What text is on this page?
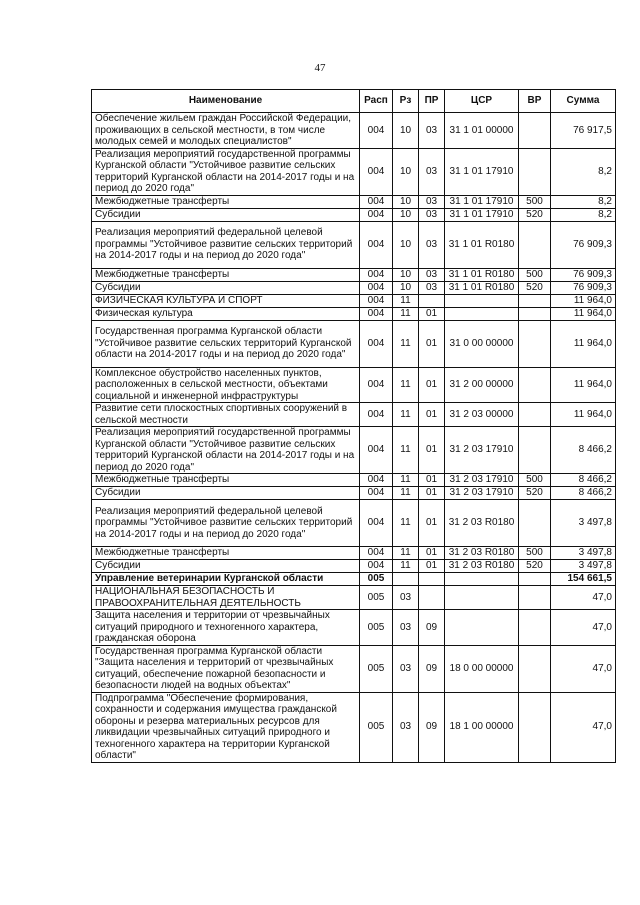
47
Наименование	Расп	Рз	ПР	ЦСР	ВР	Сумма
Обеспечение жильем граждан Российской Федерации, проживающих в сельской местности, в том числе молодых семей и молодых специалистов"	004	10	03	31 1 01 00000		76 917,5
Реализация мероприятий государственной программы Курганской области "Устойчивое развитие сельских территорий Курганской области на 2014-2017 годы и на период до 2020 года"	004	10	03	31 1 01 17910		8,2
Межбюджетные трансферты	004	10	03	31 1 01 17910	500	8,2
Субсидии	004	10	03	31 1 01 17910	520	8,2
Реализация мероприятий федеральной целевой программы "Устойчивое развитие сельских территорий на 2014-2017 годы и на период до 2020 года"	004	10	03	31 1 01 R0180		76 909,3
Межбюджетные трансферты	004	10	03	31 1 01 R0180	500	76 909,3
Субсидии	004	10	03	31 1 01 R0180	520	76 909,3
ФИЗИЧЕСКАЯ КУЛЬТУРА И СПОРТ	004	11				11 964,0
Физическая культура	004	11	01			11 964,0
Государственная программа Курганской области "Устойчивое развитие сельских территорий Курганской области на 2014-2017 годы и на период до 2020 года"	004	11	01	31 0 00 00000		11 964,0
Комплексное обустройство населенных пунктов, расположенных в сельской местности, объектами социальной и инженерной инфраструктуры	004	11	01	31 2 00 00000		11 964,0
Развитие сети плоскостных спортивных сооружений в сельской местности	004	11	01	31 2 03 00000		11 964,0
Реализация мероприятий государственной программы Курганской области "Устойчивое развитие сельских территорий Курганской области на 2014-2017 годы и на период до 2020 года"	004	11	01	31 2 03 17910		8 466,2
Межбюджетные трансферты	004	11	01	31 2 03 17910	500	8 466,2
Субсидии	004	11	01	31 2 03 17910	520	8 466,2
Реализация мероприятий федеральной целевой программы "Устойчивое развитие сельских территорий на 2014-2017 годы и на период до 2020 года"	004	11	01	31 2 03 R0180		3 497,8
Межбюджетные трансферты	004	11	01	31 2 03 R0180	500	3 497,8
Субсидии	004	11	01	31 2 03 R0180	520	3 497,8
Управление ветеринарии Курганской области	005					154 661,5
НАЦИОНАЛЬНАЯ БЕЗОПАСНОСТЬ И ПРАВООХРАНИТЕЛЬНАЯ ДЕЯТЕЛЬНОСТЬ	005	03				47,0
Защита населения и территории от чрезвычайных ситуаций природного и техногенного характера, гражданская оборона	005	03	09			47,0
Государственная программа Курганской области "Защита населения и территорий от чрезвычайных ситуаций, обеспечение пожарной безопасности и безопасности людей на водных объектах"	005	03	09	18 0 00 00000		47,0
Подпрограмма "Обеспечение формирования, сохранности и содержания имущества гражданской обороны и резерва материальных ресурсов для ликвидации чрезвычайных ситуаций природного и техногенного характера на территории Курганской области"	005	03	09	18 1 00 00000		47,0
